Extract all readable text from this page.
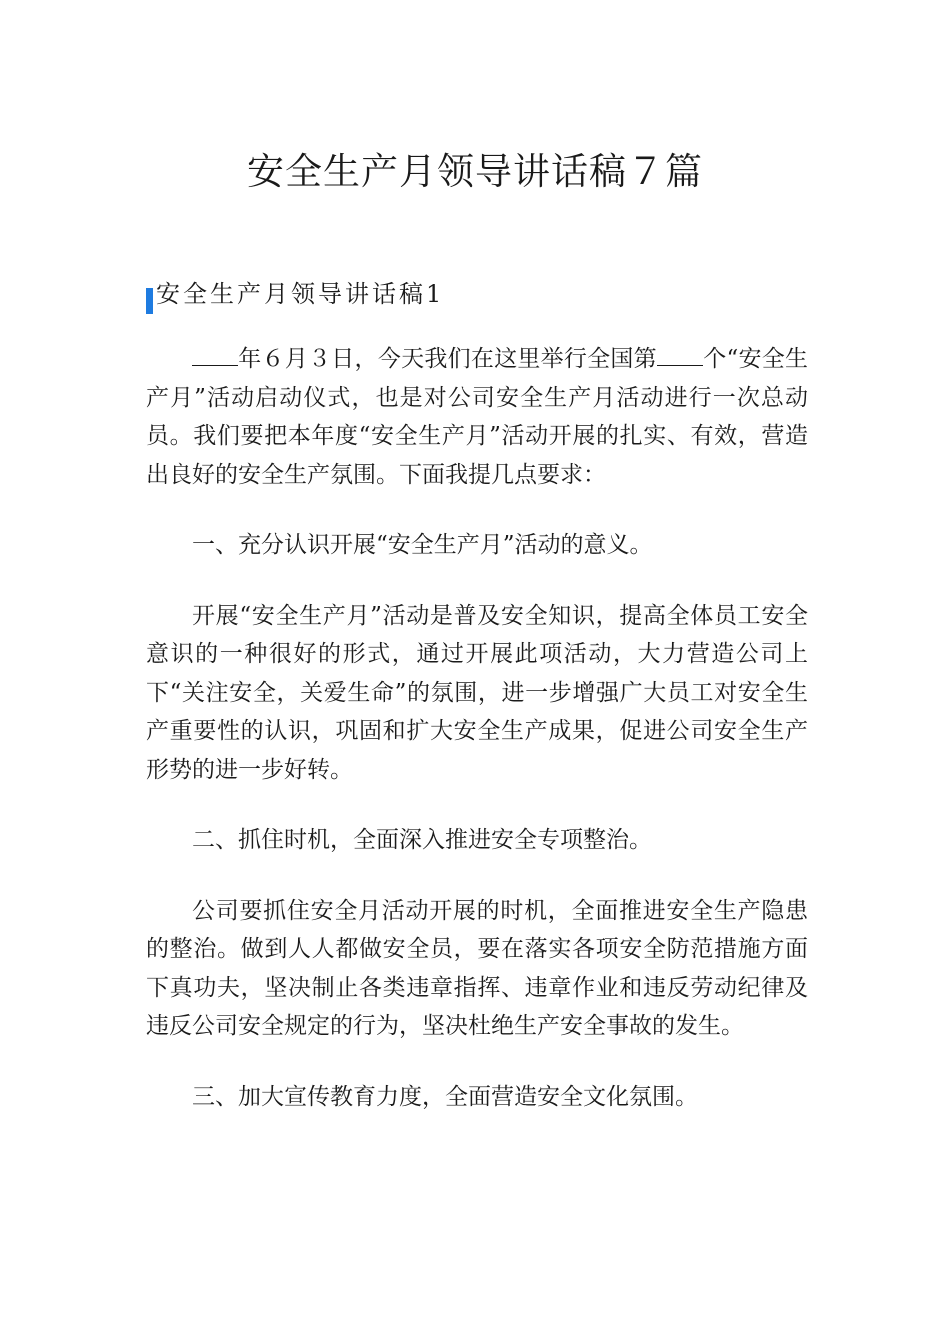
安全生产月领导讲话稿７篇
安全生产月领导讲话稿1

年６月３日，今天我们在这里举行全国第 个“安全生产月”活动启动仪式，也是对公司安全生产月活动进行一次总动员。我们要把本年度“安全生产月”活动开展的扎实、有效，营造出良好的安全生产氛围。下面我提几点要求：

一、充分认识开展“安全生产月”活动的意义。

开展“安全生产月”活动是普及安全知识，提高全体员工安全意识的一种很好的形式，通过开展此项活动，大力营造公司上下“关注安全，关爱生命”的氛围，进一步增强广大员工对安全生产重要性的认识，巩固和扩大安全生产成果，促进公司安全生产形势的进一步好转。

二、抓住时机，全面深入推进安全专项整治。

公司要抓住安全月活动开展的时机，全面推进安全生产隐患的整治。做到人人都做安全员，要在落实各项安全防范措施方面下真功夫，坚决制止各类违章指挥、违章作业和违反劳动纪律及违反公司安全规定的行为，坚决杜绝生产安全事故的发生。

三、加大宣传教育力度，全面营造安全文化氛围。
